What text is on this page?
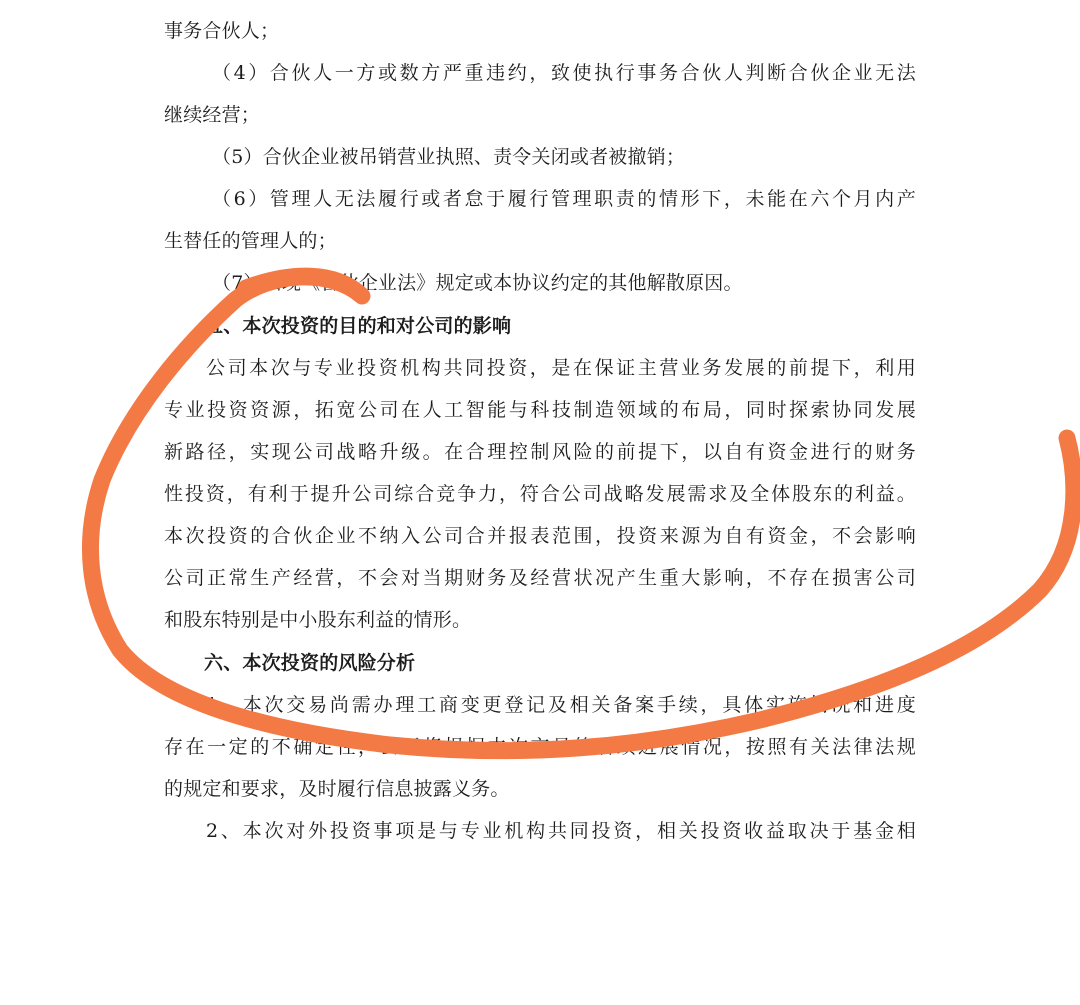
事务合伙人；
（4）合伙人一方或数方严重违约，致使执行事务合伙人判断合伙企业无法
继续经营；
（5）合伙企业被吊销营业执照、责令关闭或者被撤销；
（6）管理人无法履行或者怠于履行管理职责的情形下，未能在六个月内产
生替任的管理人的；
（7）出现《合伙企业法》规定或本协议约定的其他解散原因。
五、本次投资的目的和对公司的影响
公司本次与专业投资机构共同投资，是在保证主营业务发展的前提下，利用
专业投资资源，拓宽公司在人工智能与科技制造领域的布局，同时探索协同发展
新路径，实现公司战略升级。在合理控制风险的前提下，以自有资金进行的财务
性投资，有利于提升公司综合竞争力，符合公司战略发展需求及全体股东的利益。
本次投资的合伙企业不纳入公司合并报表范围，投资来源为自有资金，不会影响
公司正常生产经营，不会对当期财务及经营状况产生重大影响，不存在损害公司
和股东特别是中小股东利益的情形。
六、本次投资的风险分析
1、本次交易尚需办理工商变更登记及相关备案手续，具体实施情况和进度
存在一定的不确定性，公司将根据本次交易的后续进展情况，按照有关法律法规
的规定和要求，及时履行信息披露义务。
2、本次对外投资事项是与专业机构共同投资，相关投资收益取决于基金相
